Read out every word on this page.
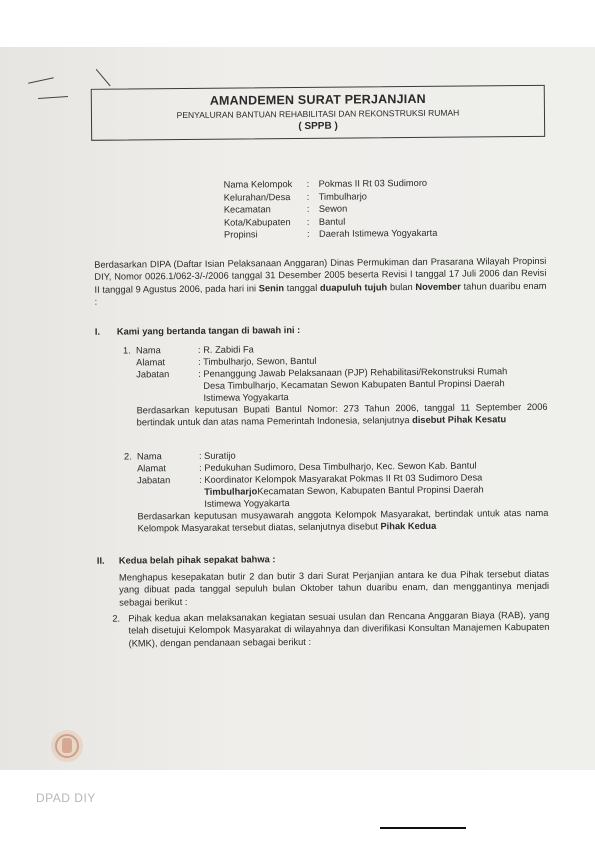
AMANDEMEN SURAT PERJANJIAN
PENYALURAN BANTUAN REHABILITASI DAN REKONSTRUKSI RUMAH
( SPPB )
Nama Kelompok	:	Pokmas II Rt 03 Sudimoro
Kelurahan/Desa	:	Timbulharjo
Kecamatan	:	Sewon
Kota/Kabupaten	:	Bantul
Propinsi	:	Daerah Istimewa Yogyakarta
Berdasarkan DIPA (Daftar Isian Pelaksanaan Anggaran) Dinas Permukiman dan Prasarana Wilayah Propinsi DIY, Nomor 0026.1/062-3/-/2006 tanggal 31 Desember 2005 beserta Revisi I tanggal 17 Juli 2006 dan Revisi II tanggal 9 Agustus 2006, pada hari ini Senin tanggal duapuluh tujuh bulan November tahun duaribu enam :
I. Kami yang bertanda tangan di bawah ini :
1. Nama	: R. Zabidi Fa
Alamat	: Timbulharjo, Sewon, Bantul
Jabatan	: Penanggung Jawab Pelaksanaan (PJP) Rehabilitasi/Rekonstruksi Rumah
Desa Timbulharjo, Kecamatan Sewon Kabupaten Bantul Propinsi Daerah
Istimewa Yogyakarta
Berdasarkan keputusan Bupati Bantul Nomor: 273 Tahun 2006, tanggal 11 September 2006 bertindak untuk dan atas nama Pemerintah Indonesia, selanjutnya disebut Pihak Kesatu
2. Nama	: Suratijo
Alamat	: Pedukuhan Sudimoro, Desa Timbulharjo, Kec. Sewon Kab. Bantul
Jabatan	: Koordinator Kelompok Masyarakat Pokmas II Rt 03 Sudimoro Desa
Timbulharjo Kecamatan Sewon, Kabupaten Bantul Propinsi Daerah
Istimewa Yogyakarta
Berdasarkan keputusan musyawarah anggota Kelompok Masyarakat, bertindak untuk atas nama Kelompok Masyarakat tersebut diatas, selanjutnya disebut Pihak Kedua
II. Kedua belah pihak sepakat bahwa :
Menghapus kesepakatan butir 2 dan butir 3 dari Surat Perjanjian antara ke dua Pihak tersebut diatas yang dibuat pada tanggal sepuluh bulan Oktober tahun duaribu enam, dan menggantinya menjadi sebagai berikut :
2. Pihak kedua akan melaksanakan kegiatan sesuai usulan dan Rencana Anggaran Biaya (RAB), yang telah disetujui Kelompok Masyarakat di wilayahnya dan diverifikasi Konsultan Manajemen Kabupaten (KMK), dengan pendanaan sebagai berikut :
DPAD DIY
